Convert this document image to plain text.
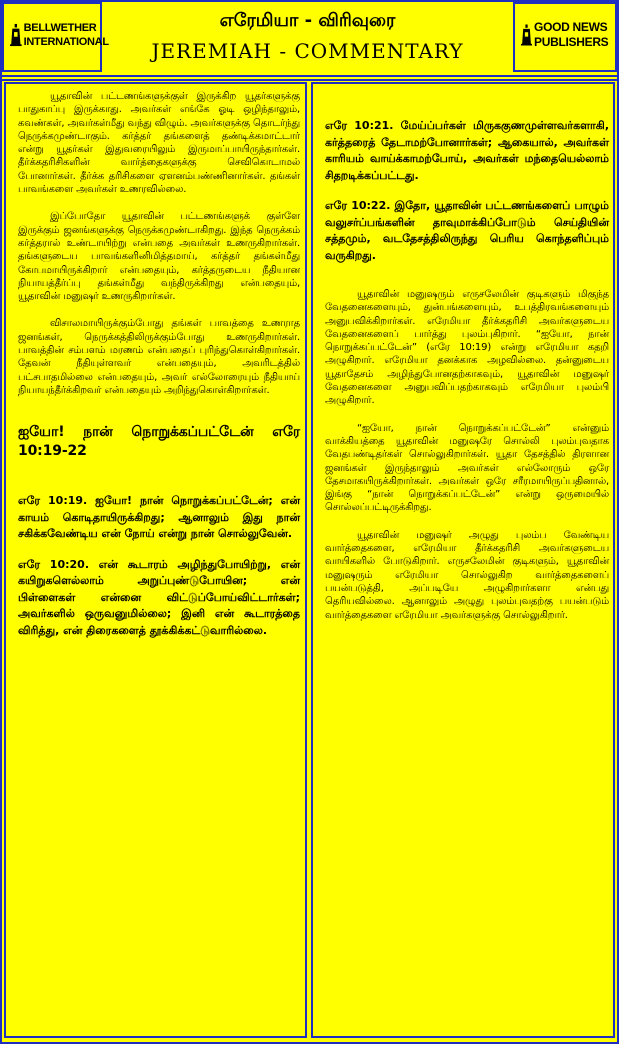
BELLWETHER INTERNATIONAL
எரேமியா - விரிவுரை
JEREMIAH - COMMENTARY
GOOD NEWS PUBLISHERS

யூதாவின் பட்டணங்களுக்குள் இருக்கிற யூதர்களுக்கு பாதுகாப்பு இருக்காது. அவர்கள் எங்கே ஓடி ஒழிந்தாலும், கவண்கள், அவர்கள்மீது வந்து விழும். அவர்களுக்கு தொடர்ந்து நெருக்கமுண்டாகும். கர்த்தர் தங்களைத் தண்டிக்கமாட்டார் என்று யூதர்கள் இதுவரையிலும் இருமாப்பாயிருந்தார்கள். தீர்க்கதரிசிகளின் வார்த்தைகளுக்கு செவிகொடாமல் போனார்கள். தீர்க்க தரிசிகளை ஏளனம்பண்ணினார்கள். தங்கள் பாவங்களை அவர்கள் உணரவில்லை.

இப்போதோ யூதாவின் பட்டணங்களுக் குள்ளே இருக்கும் ஜனங்களுக்கு நெருக்கமுண்டாகிறது. இந்த நெருக்கம் கர்த்தரால் உண்டாயிற்று என்பதை அவர்கள் உணருகிறார்கள். தங்களுடைய பாவங்களினிமித்தமாய், கர்த்தர் தங்கள்மீது கோபமாயிருக்கிறார் என்பதையும், கர்த்தருடைய நீதியான நியாயத்தீர்ப்பு தங்கள்மீது வந்திருக்கிறது என்பதையும், யூதாவின் மனுஷர் உணருகிறார்கள்.

விசாலமாயிருக்கும்போது தங்கள் பாவத்தை உணராத ஜனங்கள், நெருக்கத்திலிருக்கும்போது உணருகிறார்கள். பாவத்தின் சம்பளம் மரணம் என்பதைப் புரிந்துகொள்கிறார்கள். தேவன் நீதியுள்ளவர் என்பதையும், அவரிடத்தில் பட்சபாதமில்லை என்பதையும், அவர் எல்லோரையும் நீதியாய் நியாயந்தீர்க்கிறவர் என்பதையும் அறிந்துகொள்கிறார்கள்.

ஐயோ! நான் நொறுக்கப்பட்டேன் எரே 10:19-22

எரே 10:19. ஐயோ! நான் நொறுக்கப்பட்டேன்; என் காயம் கொடிதாயிருக்கிறது; ஆனாலும் இது நான் சகிக்கவேண்டிய என் நோய் என்று நான் சொல்லுவேன்.

எரே 10:20. என் கூடாரம் அழிந்துபோயிற்று, என் கயிறுகளெல்லாம் அறுப்புண்டுபோயின; என் பிள்ளைகள் என்னை விட்டுப்போய்விட்டார்கள்; அவர்களில் ஒருவனுமில்லை; இனி என் கூடாரத்தை விரித்து, என் திரைகளைத் தூக்கிக்கட்டுவாரில்லை.

எரே 10:21. மேய்ப்பர்கள் மிருககுணமுள்ளவர்களாகி, கர்த்தரைத் தேடாமற்போனார்கள்; ஆகையால், அவர்கள் காரியம் வாய்க்காமற்போய், அவர்கள் மந்தையெல்லாம் சிதறடிக்கப்பட்டது.

எரே 10:22. இதோ, யூதாவின் பட்டணங்களைப் பாழும் வலுசர்ப்பங்களின் தாவுமாக்கிப்போடும் செய்தியின் சத்தமும், வடதேசத்திலிருந்து பெரிய கொந்தளிப்பும் வருகிறது.

யூதாவின் மனுஷரும் எருசலேமின் குடிகளும் மிகுந்த வேதனைகளையும், துன்பங்களையும், உபத்திரவங்களையும் அனுபவிக்கிறார்கள். எரேமியா தீர்க்கதரிசி அவர்களுடைய வேதனைகளைப் பார்த்து புலம்புகிறார். “ஐயோ, நான் நொறுக்கப்பட்டேன்” (எரே 10:19) என்று எரேமியா கதறி அழுகிறார். எரேமியா தனக்காக அழவில்லை. தன்னுடைய யூதாதேசம் அழிந்துபோனதற்காகவும், யூதாவின் மனுஷர் வேதனைகளை அனுபவிப்பதற்காகவும் எரேமியா புலம்பி அழுகிறார்.

“ஐயோ, நான் நொறுக்கப்பட்டேன்” என்னும் வாக்கியத்தை யூதாவின் மனுஷரே சொல்லி புலம்புவதாக வேதபண்டிதர்கள் சொல்லுகிறார்கள். யூதா தேசத்தில் திரளான ஜனங்கள் இருந்தாலும் அவர்கள் எல்லோரும் ஒரே தேசமாகயிருக்கிறார்கள். அவர்கள் ஒரே சரீரமாயிருப்பதினால், இங்கு “நான் நொறுக்கப்பட்டேன்” என்று ஒருமையில் சொல்லப்பட்டிருக்கிறது.

யூதாவின் மனுஷர் அழுது புலம்ப வேண்டிய வார்த்தைகளை, எரேமியா தீர்க்கதரிசி அவர்களுடைய வாயிகளில் போடுகிறார். எருசலேமின் குடிகளும், யூதாவின் மனுஷரும் எரேமியா சொல்லுகிற வார்த்தைகளைப் பயன்படுத்தி, அப்படியே அழுகிறார்களா என்பது தெரியவில்லை. ஆனாலும் அழுது புலம்புவதற்கு பயன்படும் வார்த்தைகளை எரேமியா அவர்களுக்கு சொல்லுகிறார்.
